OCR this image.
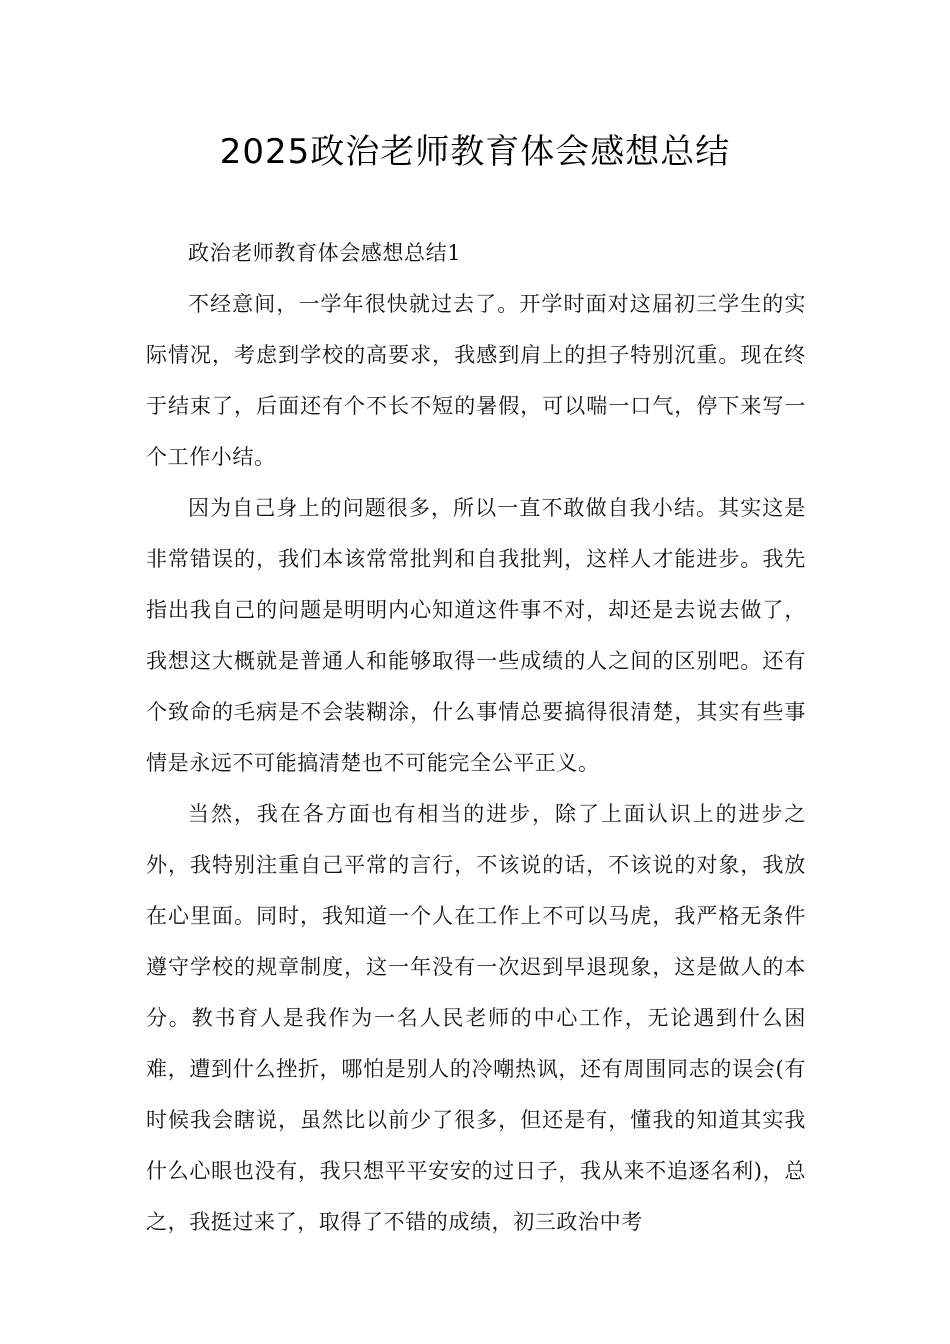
2025政治老师教育体会感想总结

政治老师教育体会感想总结1

不经意间，一学年很快就过去了。开学时面对这届初三学生的实际情况，考虑到学校的高要求，我感到肩上的担子特别沉重。现在终于结束了，后面还有个不长不短的暑假，可以喘一口气，停下来写一个工作小结。

因为自己身上的问题很多，所以一直不敢做自我小结。其实这是非常错误的，我们本该常常批判和自我批判，这样人才能进步。我先指出我自己的问题是明明内心知道这件事不对，却还是去说去做了，我想这大概就是普通人和能够取得一些成绩的人之间的区别吧。还有个致命的毛病是不会装糊涂，什么事情总要搞得很清楚，其实有些事情是永远不可能搞清楚也不可能完全公平正义。

当然，我在各方面也有相当的进步，除了上面认识上的进步之外，我特别注重自己平常的言行，不该说的话，不该说的对象，我放在心里面。同时，我知道一个人在工作上不可以马虎，我严格无条件遵守学校的规章制度，这一年没有一次迟到早退现象，这是做人的本分。教书育人是我作为一名人民老师的中心工作，无论遇到什么困难，遭到什么挫折，哪怕是别人的冷嘲热讽，还有周围同志的误会(有时候我会瞎说，虽然比以前少了很多，但还是有，懂我的知道其实我什么心眼也没有，我只想平平安安的过日子，我从来不追逐名利)，总之，我挺过来了，取得了不错的成绩，初三政治中考
